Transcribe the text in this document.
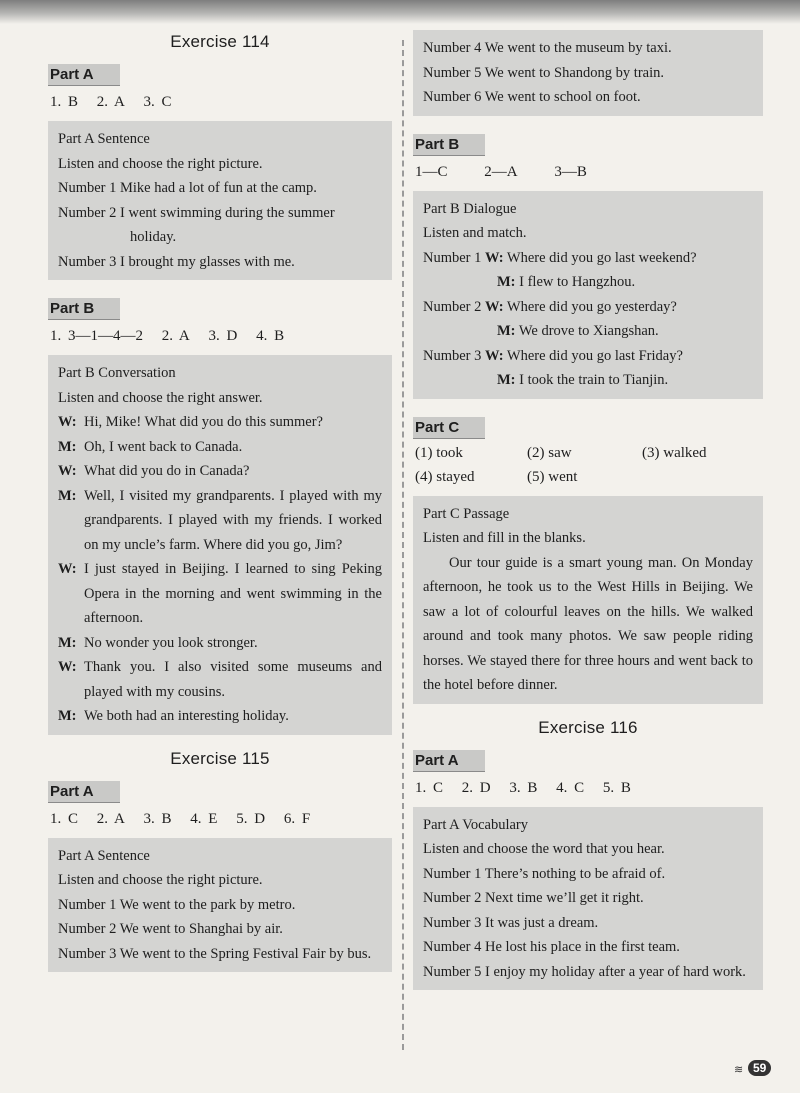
Exercise 114
Part A
1. B 2. A 3. C

Part A Sentence

Listen and choose the right picture.

Number 1 Mike had a lot of fun at the camp.

Number 2 I went swimming during the summer holiday.

Number 3 I brought my glasses with me.

Part B
1. 3—1—4—2 2. A 3. D 4. B

Part B Conversation

Listen and choose the right answer.

W: Hi, Mike! What did you do this summer?
M: Oh, I went back to Canada.
W: What did you do in Canada?
M: Well, I visited my grandparents. I played with my grandparents. I played with my friends. I worked on my uncle’s farm. Where did you go, Jim?
W: I just stayed in Beijing. I learned to sing Peking Opera in the morning and went swimming in the afternoon.
M: No wonder you look stronger.
W: Thank you. I also visited some museums and played with my cousins.
M: We both had an interesting holiday.
Exercise 115
Part A
1. C 2. A 3. B 4. E 5. D 6. F

Part A Sentence

Listen and choose the right picture.

Number 1 We went to the park by metro.

Number 2 We went to Shanghai by air.

Number 3 We went to the Spring Festival Fair by bus.

Number 4 We went to the museum by taxi.

Number 5 We went to Shandong by train.

Number 6 We went to school on foot.

Part B
1—C 2—A 3—B

Part B Dialogue

Listen and match.

Number 1 W: Where did you go last weekend?

M: I flew to Hangzhou.

Number 2 W: Where did you go yesterday?

M: We drove to Xiangshan.

Number 3 W: Where did you go last Friday?

M: I took the train to Tianjin.

Part C
(1) took	(2) saw	(3) walked
(4) stayed	(5) went

Part C Passage

Listen and fill in the blanks.

Our tour guide is a smart young man. On Monday afternoon, he took us to the West Hills in Beijing. We saw a lot of colourful leaves on the hills. We walked around and took many photos. We saw people riding horses. We stayed there for three hours and went back to the hotel before dinner.

Exercise 116
Part A
1. C 2. D 3. B 4. C 5. B

Part A Vocabulary

Listen and choose the word that you hear.

Number 1 There’s nothing to be afraid of.

Number 2 Next time we’ll get it right.

Number 3 It was just a dream.

Number 4 He lost his place in the first team.

Number 5 I enjoy my holiday after a year of hard work.

≋ 59
